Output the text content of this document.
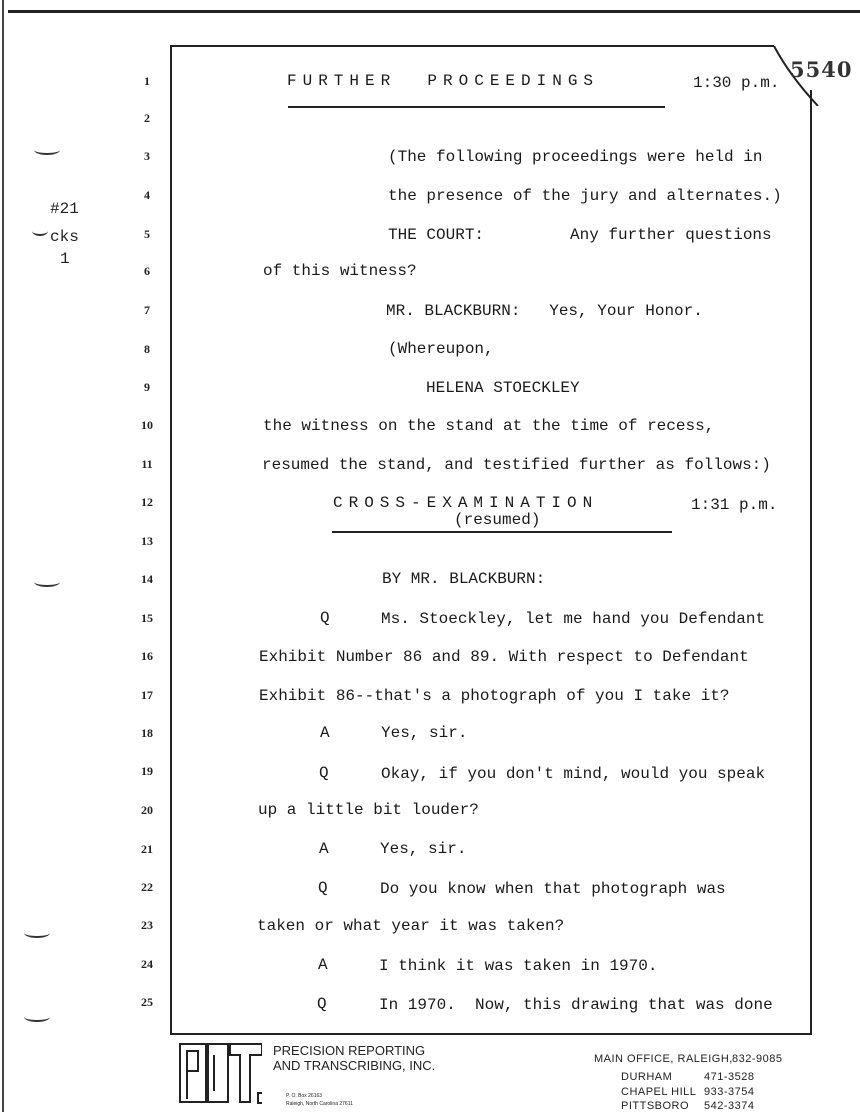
5540
#21
cks
1
1
2
3
4
5
6
7
8
9
10
11
12
13
14
15
16
17
18
19
20
21
22
23
24
25
FURTHER  PROCEEDINGS	1:30 p.m.
(The following proceedings were held in
the presence of the jury and alternates.)
THE COURT:	Any further questions
of this witness?
MR. BLACKBURN:   Yes, Your Honor.
(Whereupon,
HELENA STOECKLEY
the witness on the stand at the time of recess,
resumed the stand, and testified further as follows:)
CROSS-EXAMINATION	1:31 p.m.
(resumed)
BY MR. BLACKBURN:
Q	Ms. Stoeckley, let me hand you Defendant
Exhibit Number 86 and 89. With respect to Defendant
Exhibit 86--that's a photograph of you I take it?
A	Yes, sir.
Q	Okay, if you don't mind, would you speak
up a little bit louder?
A	Yes, sir.
Q	Do you know when that photograph was
taken or what year it was taken?
A	I think it was taken in 1970.
Q	In 1970.  Now, this drawing that was done
P&T
PRECISION REPORTING
AND TRANSCRIBING, INC.
P. O. Box 26163
Raleigh, North Carolina 27611
MAIN OFFICE, RALEIGH, 832-9085
DURHAM	471-3528
CHAPEL HILL 933-3754
PITTSBORO 542-3374
